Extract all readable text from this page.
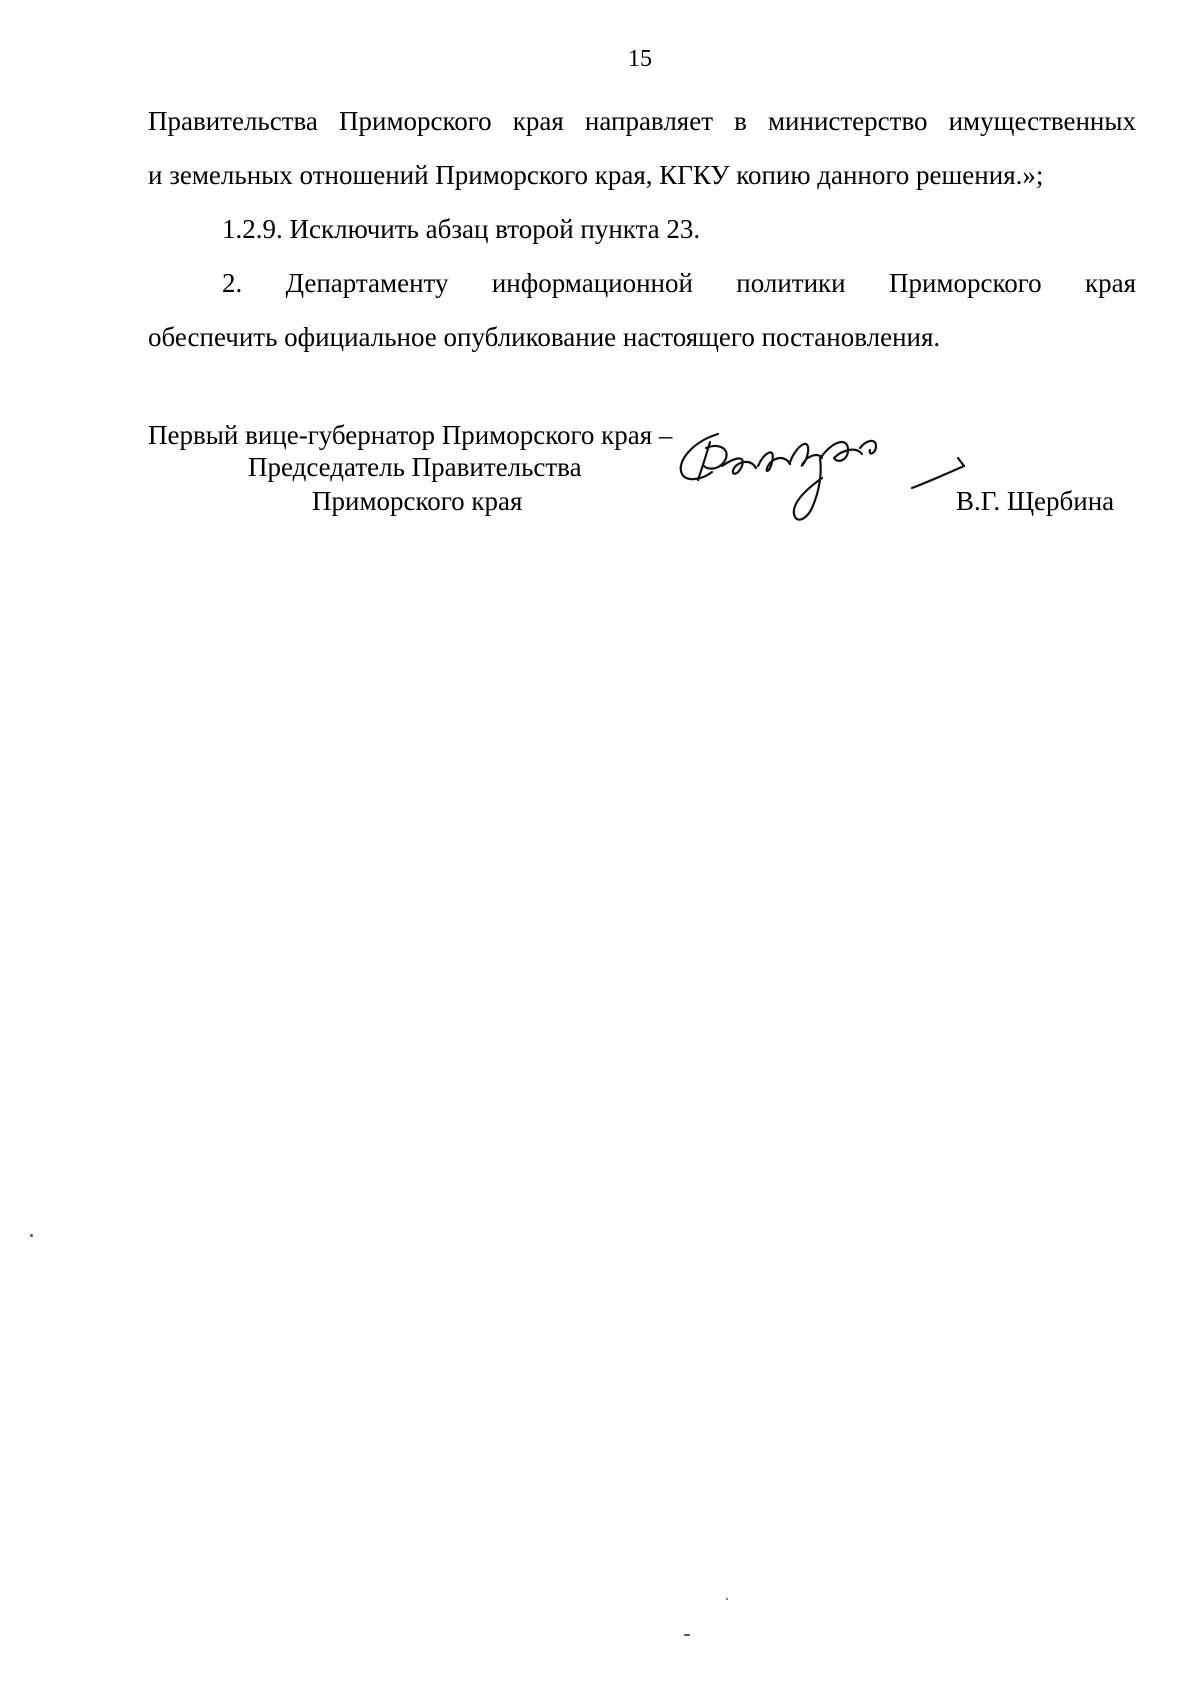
15
Правительства Приморского края направляет в министерство имущественных
и земельных отношений Приморского края, КГКУ копию данного решения.»;
1.2.9. Исключить абзац второй пункта 23.
2. Департаменту информационной политики Приморского края
обеспечить официальное опубликование настоящего постановления.
Первый вице-губернатор Приморского края –
Председатель Правительства
Приморского края	В.Г. Щербина
